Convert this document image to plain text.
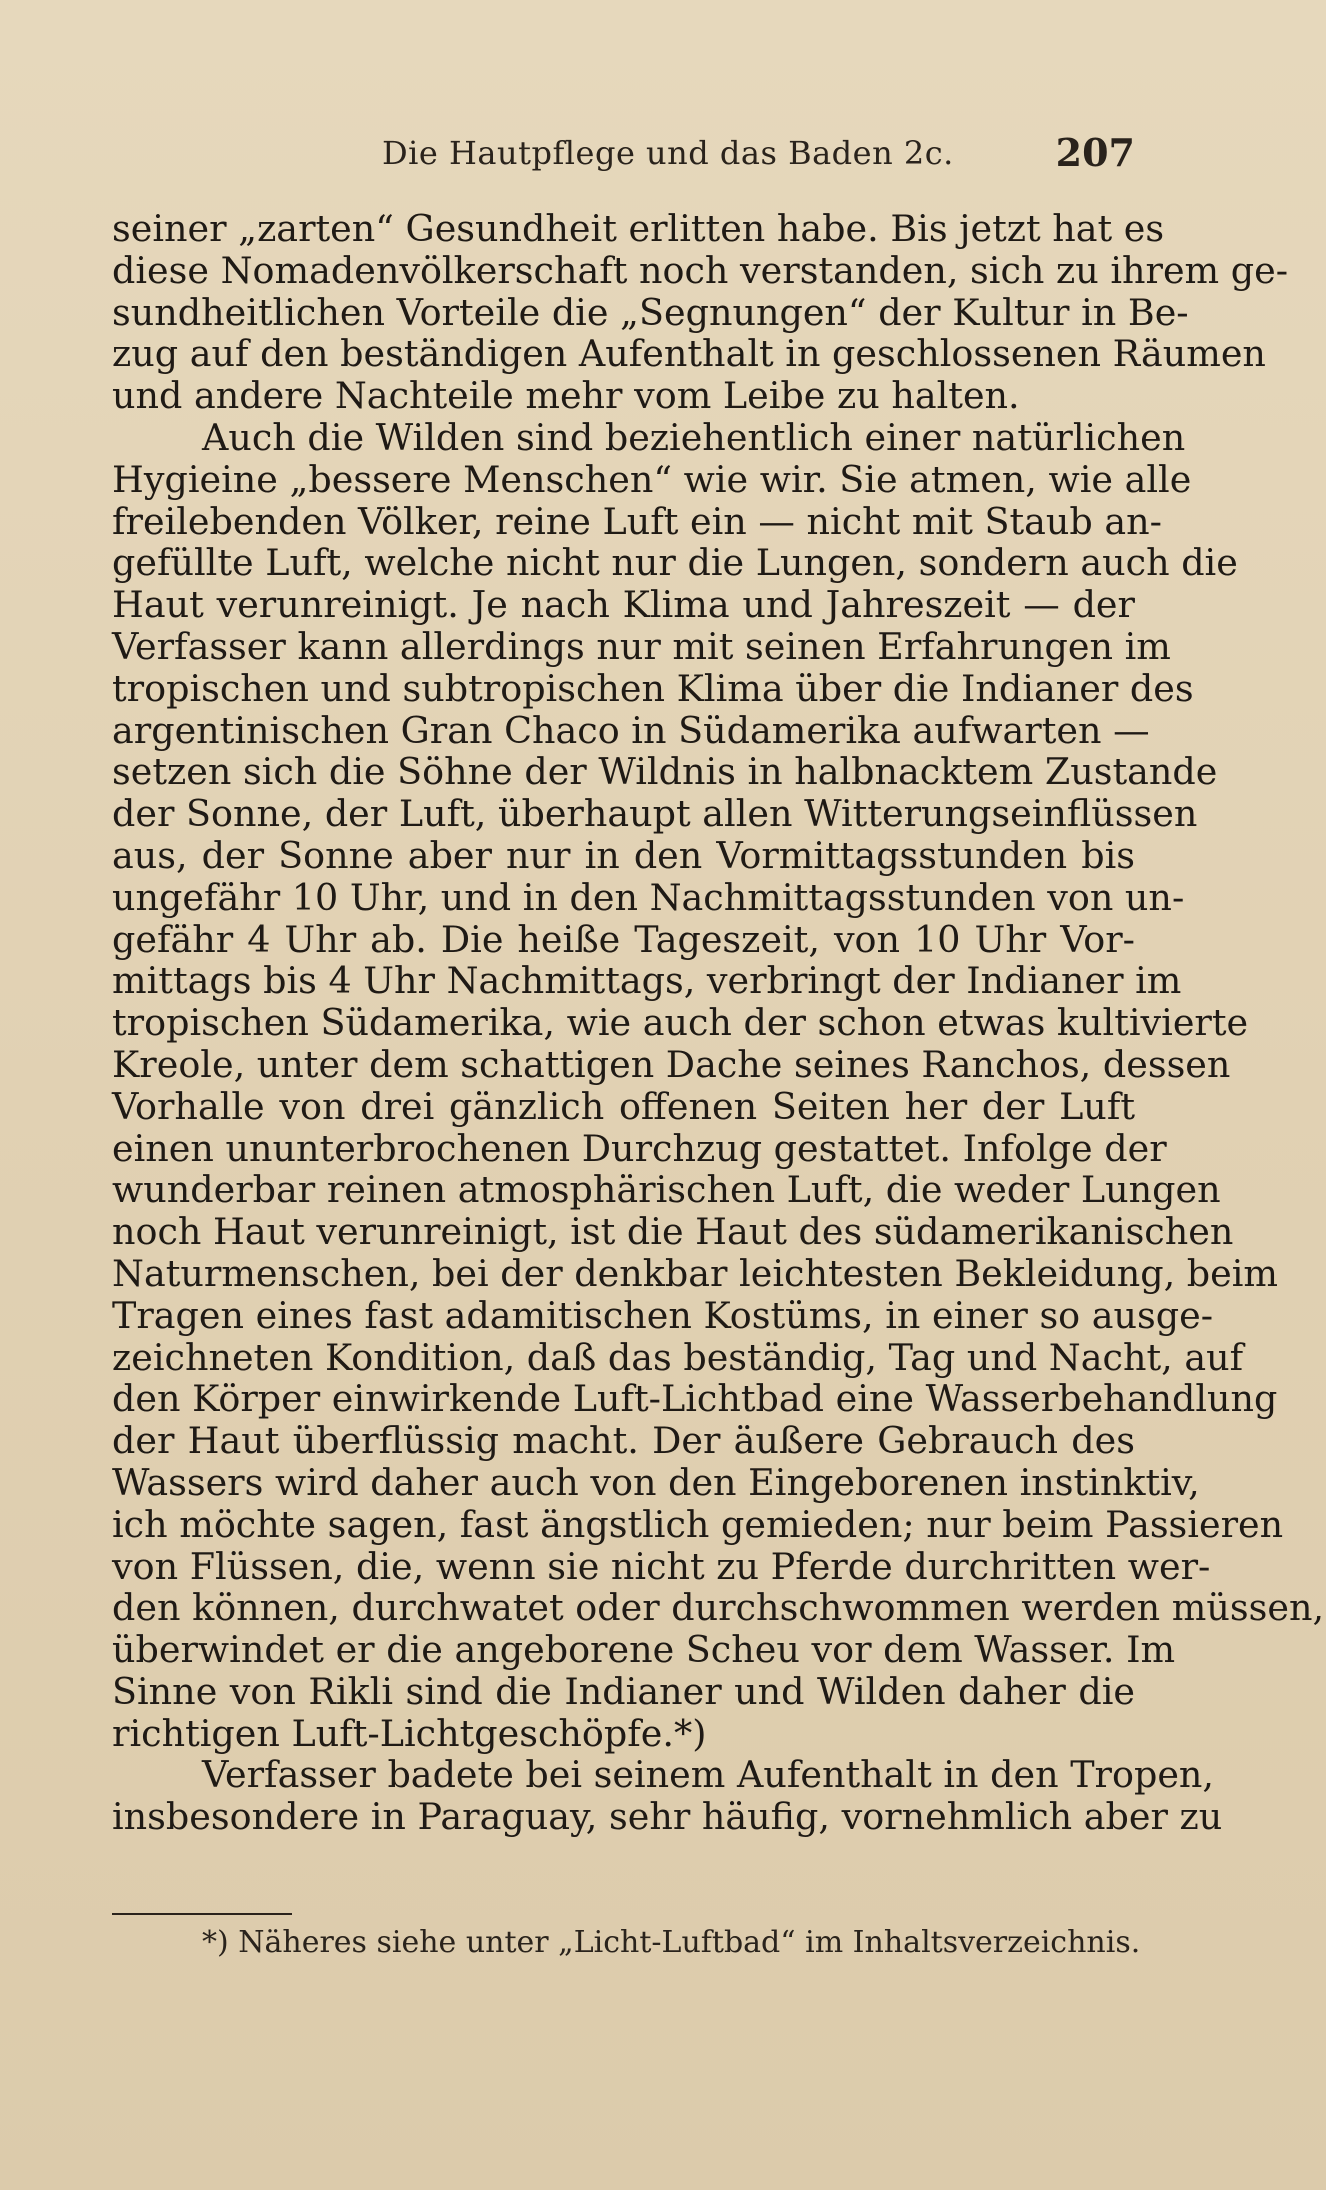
Die Hautpflege und das Baden 2c.	207
seiner „zarten“ Gesundheit erlitten habe. Bis jetzt hat es
diese Nomadenvölkerschaft noch verstanden, sich zu ihrem ge-
sundheitlichen Vorteile die „Segnungen“ der Kultur in Be-
zug auf den beständigen Aufenthalt in geschlossenen Räumen
und andere Nachteile mehr vom Leibe zu halten.
Auch die Wilden sind beziehentlich einer natürlichen
Hygieine „bessere Menschen“ wie wir. Sie atmen, wie alle
freilebenden Völker, reine Luft ein — nicht mit Staub an-
gefüllte Luft, welche nicht nur die Lungen, sondern auch die
Haut verunreinigt. Je nach Klima und Jahreszeit — der
Verfasser kann allerdings nur mit seinen Erfahrungen im
tropischen und subtropischen Klima über die Indianer des
argentinischen Gran Chaco in Südamerika aufwarten —
setzen sich die Söhne der Wildnis in halbnacktem Zustande
der Sonne, der Luft, überhaupt allen Witterungseinflüssen
aus, der Sonne aber nur in den Vormittagsstunden bis
ungefähr 10 Uhr, und in den Nachmittagsstunden von un-
gefähr 4 Uhr ab. Die heiße Tageszeit, von 10 Uhr Vor-
mittags bis 4 Uhr Nachmittags, verbringt der Indianer im
tropischen Südamerika, wie auch der schon etwas kultivierte
Kreole, unter dem schattigen Dache seines Ranchos, dessen
Vorhalle von drei gänzlich offenen Seiten her der Luft
einen ununterbrochenen Durchzug gestattet. Infolge der
wunderbar reinen atmosphärischen Luft, die weder Lungen
noch Haut verunreinigt, ist die Haut des südamerikanischen
Naturmenschen, bei der denkbar leichtesten Bekleidung, beim
Tragen eines fast adamitischen Kostüms, in einer so ausge-
zeichneten Kondition, daß das beständig, Tag und Nacht, auf
den Körper einwirkende Luft-Lichtbad eine Wasserbehandlung
der Haut überflüssig macht. Der äußere Gebrauch des
Wassers wird daher auch von den Eingeborenen instinktiv,
ich möchte sagen, fast ängstlich gemieden; nur beim Passieren
von Flüssen, die, wenn sie nicht zu Pferde durchritten wer-
den können, durchwatet oder durchschwommen werden müssen,
überwindet er die angeborene Scheu vor dem Wasser. Im
Sinne von Rikli sind die Indianer und Wilden daher die
richtigen Luft-Lichtgeschöpfe.*)
Verfasser badete bei seinem Aufenthalt in den Tropen,
insbesondere in Paraguay, sehr häufig, vornehmlich aber zu
*) Näheres siehe unter „Licht-Luftbad“ im Inhaltsverzeichnis.
